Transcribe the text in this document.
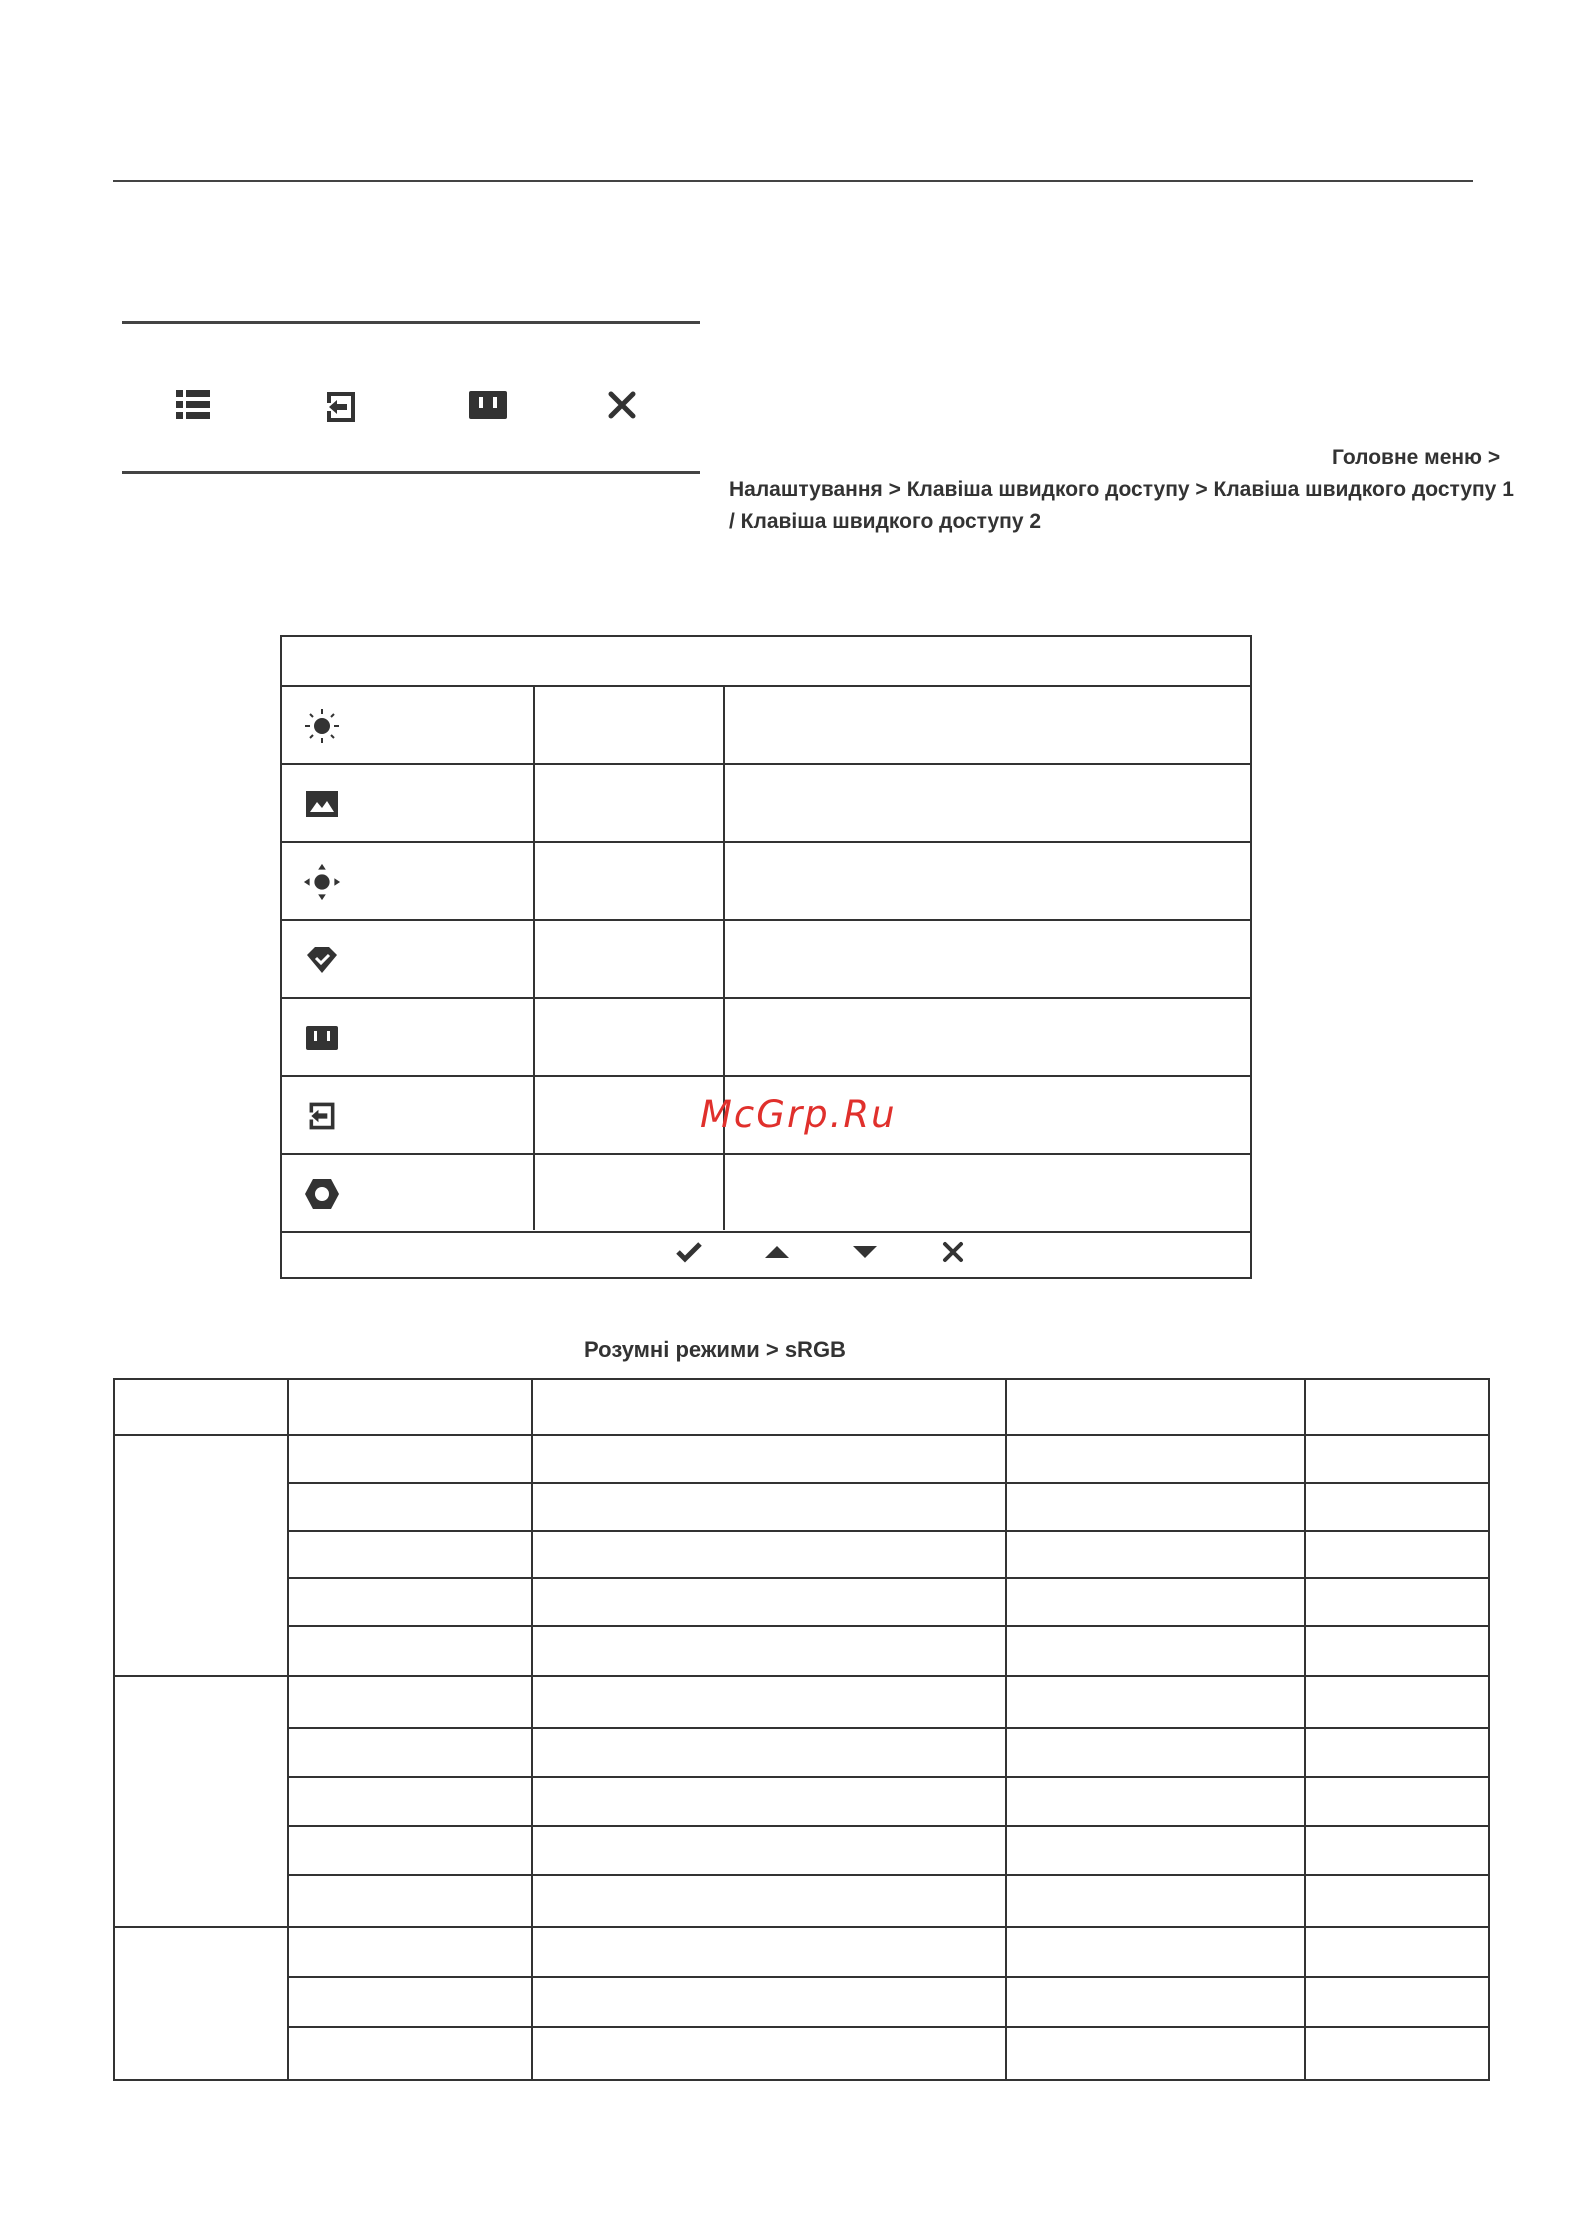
Головне меню >
Налаштування > Клавіша швидкого доступу > Клавіша швидкого доступу 1
/ Клавіша швидкого доступу 2
McGrp.Ru
Розумні режими > sRGB
